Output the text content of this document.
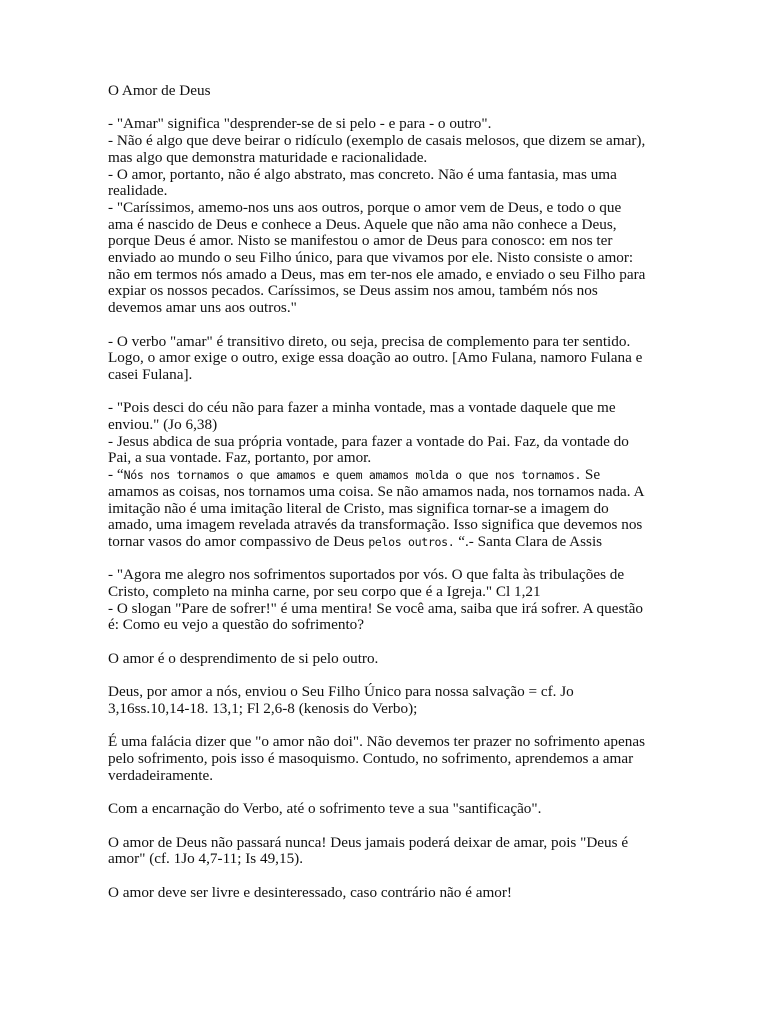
O Amor de Deus
- "Amar" significa "desprender-se de si pelo - e para - o outro".
- Não é algo que deve beirar o ridículo (exemplo de casais melosos, que dizem se amar),
mas algo que demonstra maturidade e racionalidade.
- O amor, portanto, não é algo abstrato, mas concreto. Não é uma fantasia, mas uma
realidade.
- "Caríssimos, amemo-nos uns aos outros, porque o amor vem de Deus, e todo o que
ama é nascido de Deus e conhece a Deus. Aquele que não ama não conhece a Deus,
porque Deus é amor. Nisto se manifestou o amor de Deus para conosco: em nos ter
enviado ao mundo o seu Filho único, para que vivamos por ele. Nisto consiste o amor:
não em termos nós amado a Deus, mas em ter-nos ele amado, e enviado o seu Filho para
expiar os nossos pecados. Caríssimos, se Deus assim nos amou, também nós nos
devemos amar uns aos outros."
- O verbo "amar" é transitivo direto, ou seja, precisa de complemento para ter sentido.
Logo, o amor exige o outro, exige essa doação ao outro. [Amo Fulana, namoro Fulana e
casei Fulana].
- "Pois desci do céu não para fazer a minha vontade, mas a vontade daquele que me
enviou." (Jo 6,38)
- Jesus abdica de sua próρria vontade, para fazer a vontade do Pai. Faz, da vontade do
Pai, a sua vontade. Faz, portanto, por amor.
- “Nós nos tornamos o que amamos e quem amamos molda o que nos tornamos. Se
amamos as coisas, nos tornamos uma coisa. Se não amamos nada, nos tornamos nada. A
imitação não é uma imitação literal de Cristo, mas significa tornar-se a imagem do
amado, uma imagem revelada através da transformação. Isso significa que devemos nos
tornar vasos do amor compassivo de Deus pelos outros. “.- Santa Clara de Assis
- "Agora me alegro nos sofrimentos suportados por vós. O que falta às tribulações de
Cristo, completo na minha carne, por seu corpo que é a Igreja." Cl 1,21
- O slogan "Pare de sofrer!" é uma mentira! Se você ama, saiba que irá sofrer. A questão
é: Como eu vejo a questão do sofrimento?
O amor é o desprendimento de si pelo outro.
Deus, por amor a nós, enviou o Seu Filho Único para nossa salvação = cf. Jo
3,16ss.10,14-18. 13,1; Fl 2,6-8 (kenosis do Verbo);
É uma falácia dizer que "o amor não doi". Não devemos ter prazer no sofrimento apenas
pelo sofrimento, pois isso é masoquismo. Contudo, no sofrimento, aprendemos a amar
verdadeiramente.
Com a encarnação do Verbo, até o sofrimento teve a sua "santificação".
O amor de Deus não passará nunca! Deus jamais poderá deixar de amar, pois "Deus é
amor" (cf. 1Jo 4,7-11; Is 49,15).
O amor deve ser livre e desinteressado, caso contrário não é amor!
